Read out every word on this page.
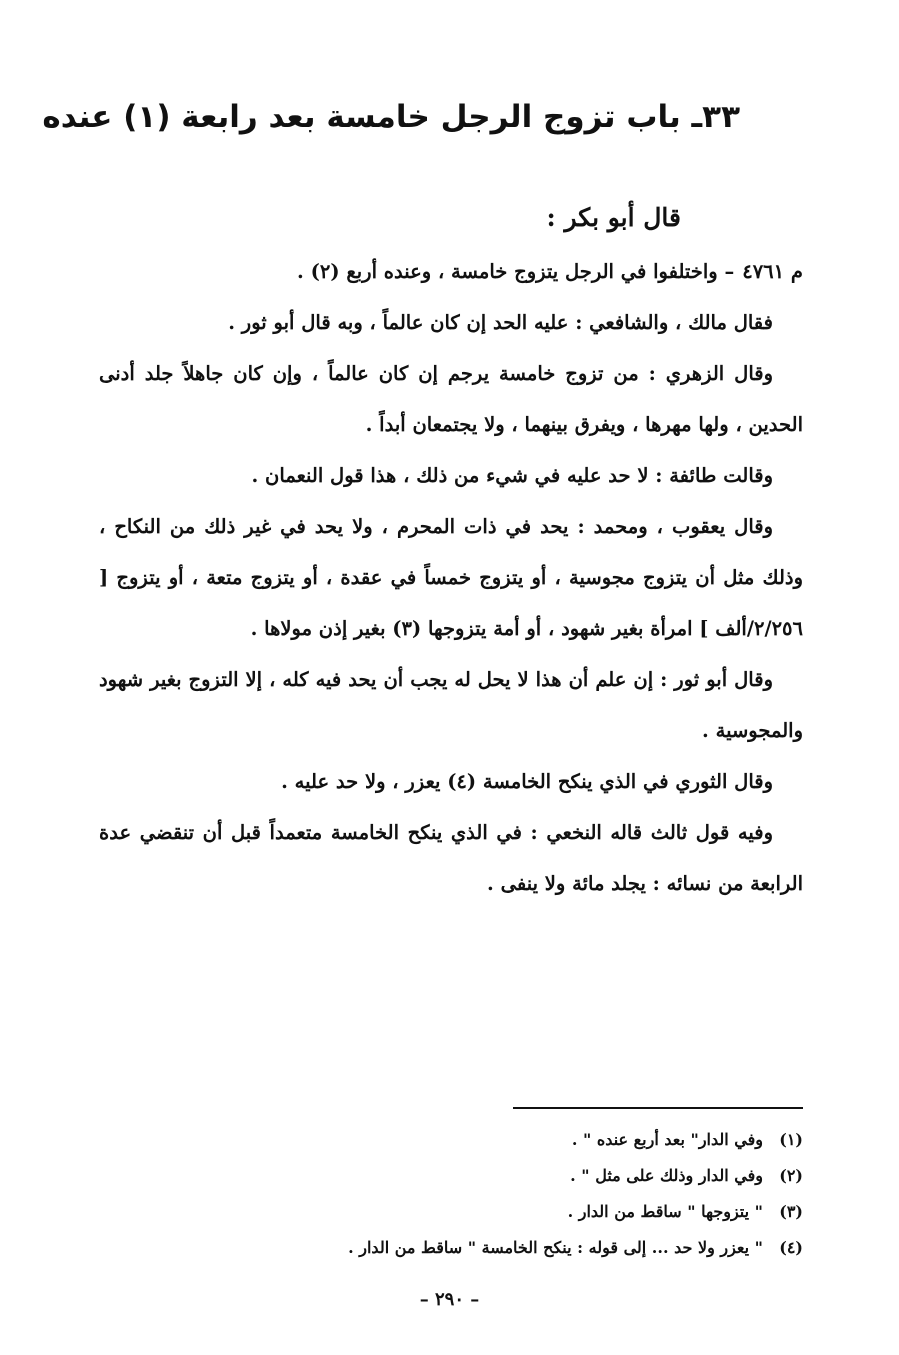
٣٣ـ باب تزوج الرجل خامسة بعد رابعة (١) عنده
قال أبو بكر :

م ٤٧٦١– واختلفوا في الرجل يتزوج خامسة ، وعنده أربع (٢) .

فقال مالك ، والشافعي : عليه الحد إن كان عالماً ، وبه قال أبو ثور .

وقال الزهري : من تزوج خامسة يرجم إن كان عالماً ، وإن كان جاهلاً جلد أدنى الحدين ، ولها مهرها ، ويفرق بينهما ، ولا يجتمعان أبداً .

وقالت طائفة : لا حد عليه في شيء من ذلك ، هذا قول النعمان .

وقال يعقوب ، ومحمد : يحد في ذات المحرم ، ولا يحد في غير ذلك من النكاح ، وذلك مثل أن يتزوج مجوسية ، أو يتزوج خمساً في عقدة ، أو يتزوج متعة ، أو يتزوج [ ٢/٢٥٦/ألف ] امرأة بغير شهود ، أو أمة يتزوجها (٣) بغير إذن مولاها .

وقال أبو ثور : إن علم أن هذا لا يحل له يجب أن يحد فيه كله ، إلا التزوج بغير شهود والمجوسية .

وقال الثوري في الذي ينكح الخامسة (٤) يعزر ، ولا حد عليه .

وفيه قول ثالث قاله النخعي : في الذي ينكح الخامسة متعمداً قبل أن تنقضي عدة الرابعة من نسائه : يجلد مائة ولا ينفى .

(١)وفي الدار" بعد أربع عنده " .

(٢)وفي الدار وذلك على مثل " .

(٣)" يتزوجها " ساقط من الدار .

(٤)" يعزر ولا حد ... إلى قوله : ينكح الخامسة " ساقط من الدار .

– ٢٩٠ –
